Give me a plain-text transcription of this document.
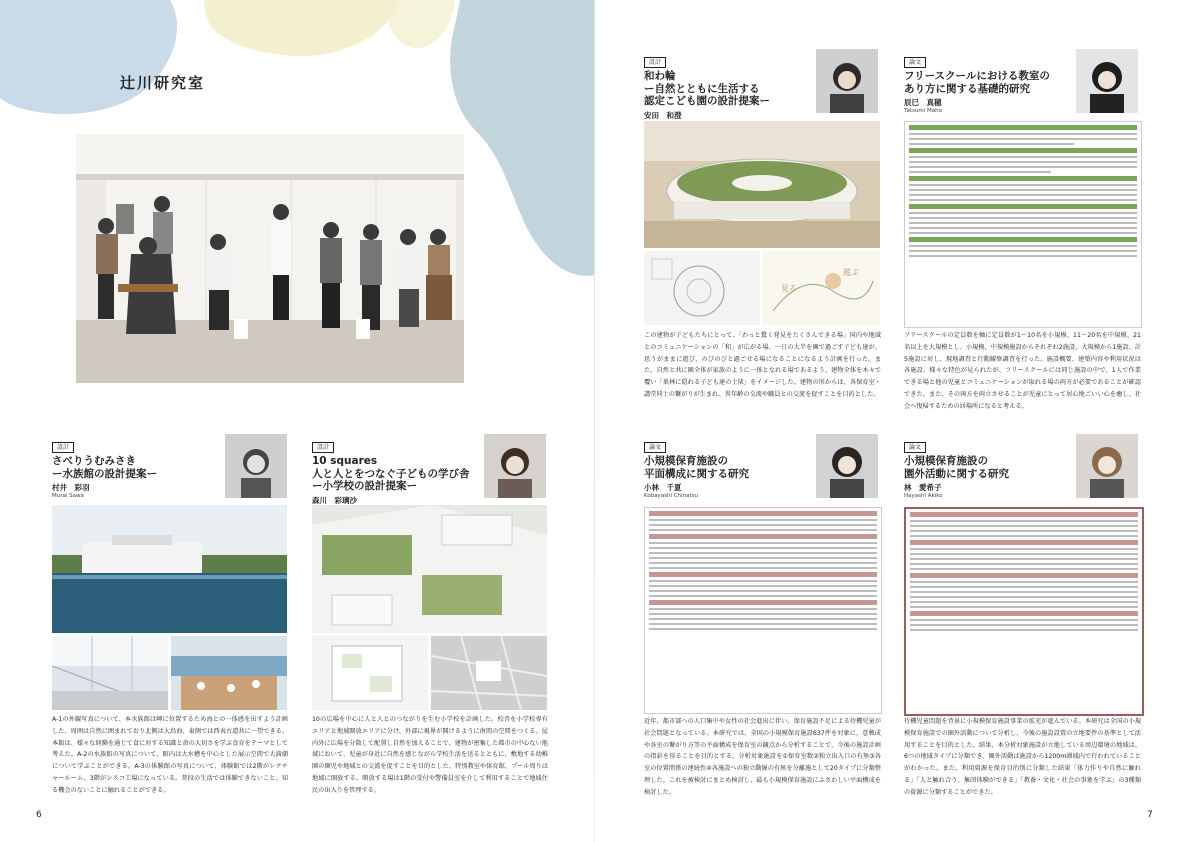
辻川研究室
設計
さべりうむみさき
ー水族館の設計提案ー
村井　彩羽
Murai Sawa
A-1の外観写真について、本水族館は岬に位置するため海との一体感を出すよう計画した。周囲は自然に囲まれており北側は大鳥海、東側では西表古道共に一望できる。本館は、様々な経験を通じて食に対する知識と命の大切さを学ぶ食育をテーマとして考えた。A-2の水族館の写真について、館内は大水槽を中心とした展示空間で大満潮について学ぶことができる。A-3の体験館の写真について、体験館では2階がレクチャールーム、3階がシスコ工場になっている。普段の生活では体験できないこと、知る機会のないことに触れることができる。
設計
10 squares
人と人とをつなぐ子どもの学び舎
ー小学校の設計提案ー
森川　彩璃沙
10の広場を中心に人と人とのつながりを生む小学校を計画した。校舎を小学校専有エリアと地域開放エリアに分け、外部に視界が開けるように南間の空間をつくる。屋内外に広場を分散して配置し自然を加えることで、建物が密集した都市の中心ない地域において、児童が身近に自然を感じながら学校生活を送るとともに、敷地する幼稚園の園児や地域との交流を促すことを目的とした。特別教室や体育館、プール周りは地域に開放する。開放する場は1階の受付や警備員室を介して利用することで地域住民の出入りを管理する。
6
設計
和わ輪
ー自然とともに生活する
認定こども園の設計提案ー
安田　和澄
見る
遊ぶ
この建物が子どもたちにとって、「わっと驚く発見をたくさんできる場」国内や地域とのコミュニケーションの「和」が広がる場、一日の大半を園で過ごす子ども達が、思うがままに遊び、のびのびと過ごせる場になることになるよう計画を行った。また、自然と共に園全体が家族のように一体となれる場であるよう、建物全体を木々で覆い「巣林に隠れる子ども達の土俵」をイメージした。建物の形からは、各保育室・講堂同士の繋がりが生まれ、異年齢の交流や職員との交流を促すことを目的とした。
論文
フリースクールにおける教室の
あり方に関する基礎的研究
辰巳　真穂
Tatsumi Maho
フリースクールの定員数を軸に定員数が1～10名を小規模、11～20名を中規模、21名以上を大規模とし、小規模、中規模施設からそれぞれ2施設、大規模から1施設、計5施設に対し、現地調査と行動観察調査を行った。施設概要、建築内容や利用状況は各施設、様々な特色が見られたが、フリースクールには同じ施設の中で、1人で作業できる場と他の児童とコミュニケーションが取れる場の両方が必要であることが確認できた。また、その両方を両立させることが児童にとって居心地ごいい心を癒し、社会へ復帰するための居場所になると考える。
論文
小規模保育施設の
平面構成に関する研究
小林　千夏
Kobayashi Chinatsu
近年、都市部への人口集中や女性の社会進出に伴い、保育施設不足による待機児童が社会問題となっている。本研究では、全国の小規模保育施設637件を対象に、意戦成や各室の繋がり方等の平面構成を保育室の観点から分析することで、今後の施設計画の指針を得ることを目的とする。分析対象施設を①保育室数②独立出入口の有無③各室の位置関係の連続性④各施設への独立動線の有無を分離施として20タイプに分類整理した。これを被検討にまとめ検討し、最も小規模保育施設にふさわしい平面構成を検討した。
論文
小規模保育施設の
園外活動に関する研究
林　愛希子
Hayashi Akiko
待機児童問題を背景に小規模保育施設事業の拡充が進んでいる。本研究は全国の小規模保育施設での園外活動について分析し、今後の施設設置の立地要件の基準として活用することを目的とした。結果、本分析対象施設が立地している周辺環境の地域は、6つの地域タイプに分類でき、園外活動は施設から1200m圏域内で行われていることがわかった。また、利用資源を保育目的別に分類した結果「体力作りや自然に触れる」「人と触れ合う、集団体験ができる」「教養・文化・社会の事象を学ぶ」の3種類の資源に分類することができた。
7
